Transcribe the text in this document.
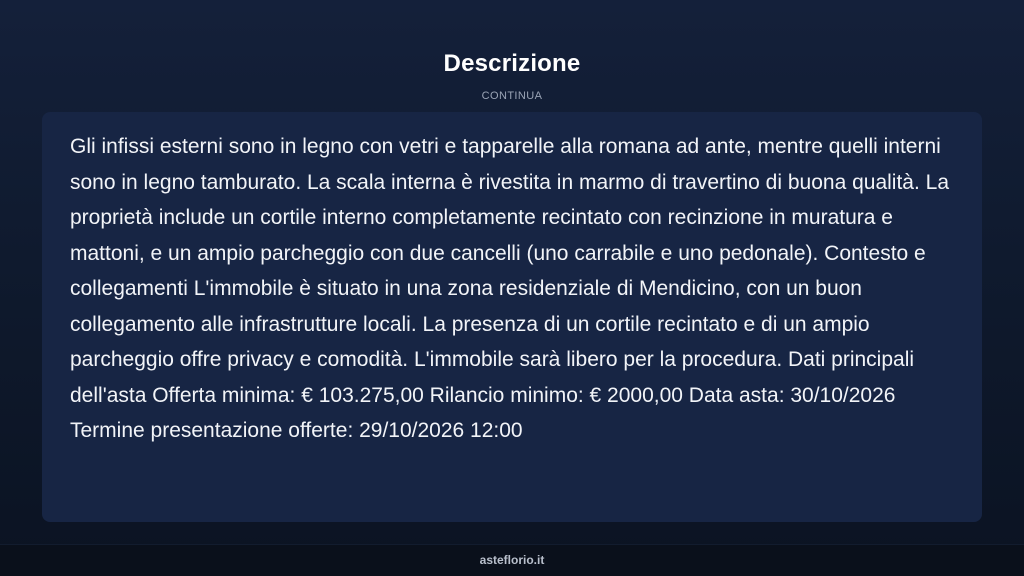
Descrizione
CONTINUA

Gli infissi esterni sono in legno con vetri e tapparelle alla romana ad ante, mentre quelli interni sono in legno tamburato. La scala interna è rivestita in marmo di travertino di buona qualità. La proprietà include un cortile interno completamente recintato con recinzione in muratura e mattoni, e un ampio parcheggio con due cancelli (uno carrabile e uno pedonale). Contesto e collegamenti L'immobile è situato in una zona residenziale di Mendicino, con un buon collegamento alle infrastrutture locali. La presenza di un cortile recintato e di un ampio parcheggio offre privacy e comodità. L'immobile sarà libero per la procedura. Dati principali dell'asta Offerta minima: € 103.275,00 Rilancio minimo: € 2000,00 Data asta: 30/10/2026 Termine presentazione offerte: 29/10/2026 12:00

asteflorio.it
